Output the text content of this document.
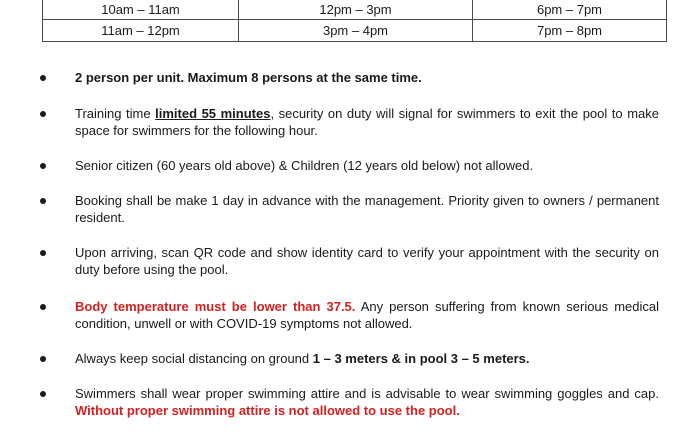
10am – 11am	12pm – 3pm	6pm – 7pm
11am – 12pm	3pm – 4pm	7pm – 8pm
2 person per unit. Maximum 8 persons at the same time.
Training time limited 55 minutes, security on duty will signal for swimmers to exit the pool to make space for swimmers for the following hour.
Senior citizen (60 years old above) & Children (12 years old below) not allowed.
Booking shall be make 1 day in advance with the management. Priority given to owners / permanent resident.
Upon arriving, scan QR code and show identity card to verify your appointment with the security on duty before using the pool.
Body temperature must be lower than 37.5. Any person suffering from known serious medical condition, unwell or with COVID-19 symptoms not allowed.
Always keep social distancing on ground 1 – 3 meters & in pool 3 – 5 meters.
Swimmers shall wear proper swimming attire and is advisable to wear swimming goggles and cap. Without proper swimming attire is not allowed to use the pool.
